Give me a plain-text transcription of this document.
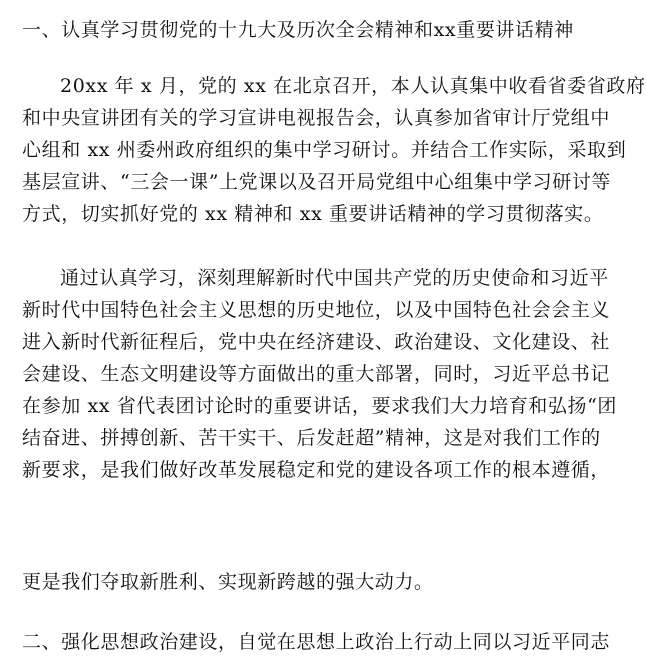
一、认真学习贯彻党的十九大及历次全会精神和xx重要讲话精神
20xx 年 x 月，党的 xx 在北京召开，本人认真集中收看省委省政府
和中央宣讲团有关的学习宣讲电视报告会，认真参加省审计厅党组中
心组和 xx 州委州政府组织的集中学习研讨。并结合工作实际，采取到
基层宣讲、“三会一课”上党课以及召开局党组中心组集中学习研讨等
方式，切实抓好党的 xx 精神和 xx 重要讲话精神的学习贯彻落实。
通过认真学习，深刻理解新时代中国共产党的历史使命和习近平
新时代中国特色社会主义思想的历史地位，以及中国特色社会会主义
进入新时代新征程后，党中央在经济建设、政治建设、文化建设、社
会建设、生态文明建设等方面做出的重大部署，同时，习近平总书记
在参加 xx 省代表团讨论时的重要讲话，要求我们大力培育和弘扬“团
结奋进、拼搏创新、苦干实干、后发赶超”精神，这是对我们工作的
新要求，是我们做好改革发展稳定和党的建设各项工作的根本遵循，
更是我们夺取新胜利、实现新跨越的强大动力。
二、强化思想政治建设，自觉在思想上政治上行动上同以习近平同志
